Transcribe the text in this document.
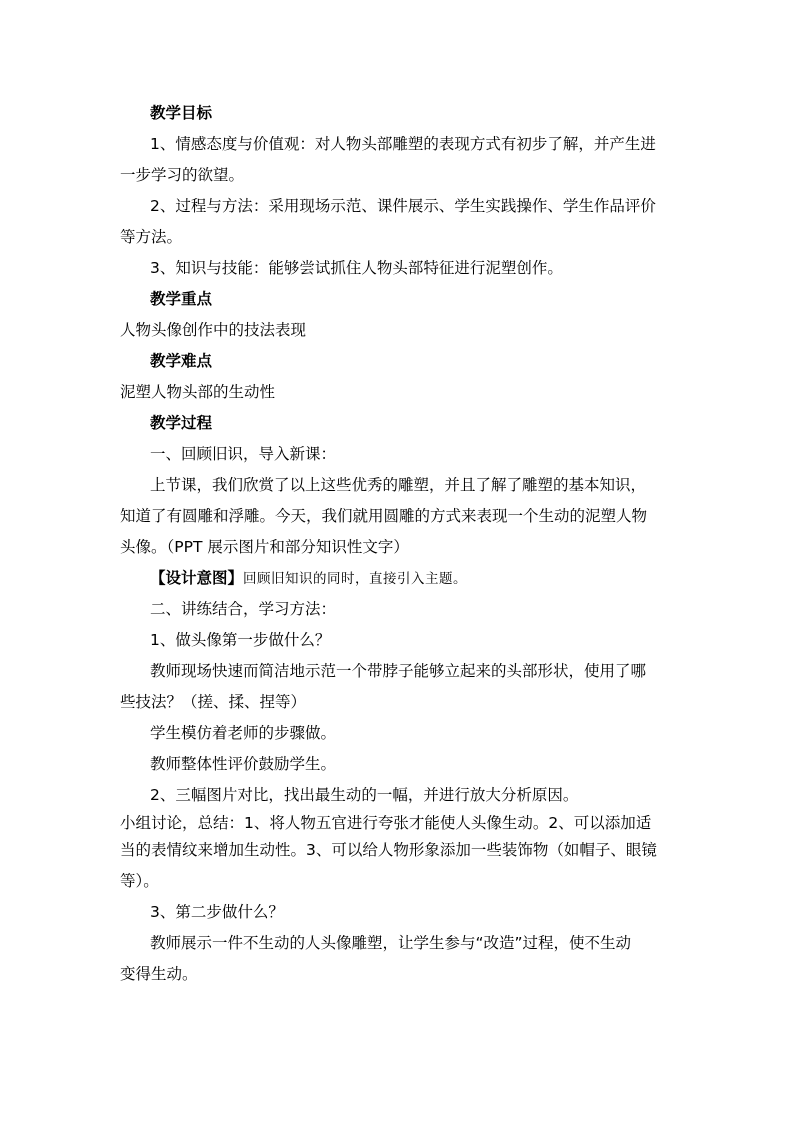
教学目标
1、情感态度与价值观：对人物头部雕塑的表现方式有初步了解，并产生进
一步学习的欲望。
2、过程与方法：采用现场示范、课件展示、学生实践操作、学生作品评价
等方法。
3、知识与技能：能够尝试抓住人物头部特征进行泥塑创作。
教学重点
人物头像创作中的技法表现
教学难点
泥塑人物头部的生动性
教学过程
一、回顾旧识，导入新课：
上节课，我们欣赏了以上这些优秀的雕塑，并且了解了雕塑的基本知识，
知道了有圆雕和浮雕。今天，我们就用圆雕的方式来表现一个生动的泥塑人物
头像。（PPT 展示图片和部分知识性文字）
【设计意图】回顾旧知识的同时，直接引入主题。
二、讲练结合，学习方法：
1、做头像第一步做什么？
教师现场快速而简洁地示范一个带脖子能够立起来的头部形状，使用了哪
些技法？（搓、揉、捏等）
学生模仿着老师的步骤做。
教师整体性评价鼓励学生。
2、三幅图片对比，找出最生动的一幅，并进行放大分析原因。
小组讨论，总结：1、将人物五官进行夸张才能使人头像生动。2、可以添加适
当的表情纹来增加生动性。3、可以给人物形象添加一些装饰物（如帽子、眼镜
等）。
3、第二步做什么？
教师展示一件不生动的人头像雕塑，让学生参与“改造”过程，使不生动
变得生动。
